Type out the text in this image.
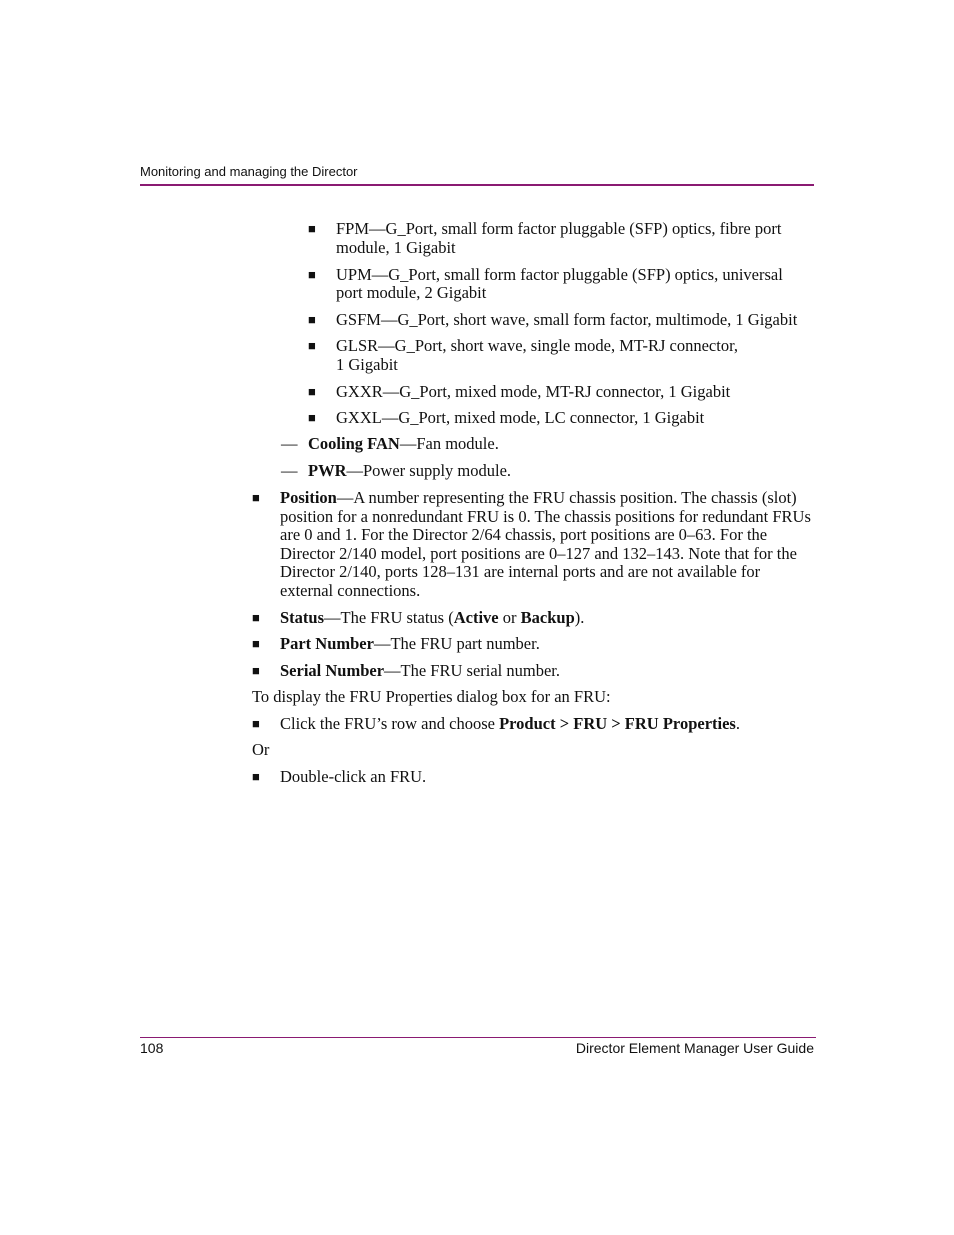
Monitoring and managing the Director
■ FPM—G_Port, small form factor pluggable (SFP) optics, fibre port
module, 1 Gigabit
■ UPM—G_Port, small form factor pluggable (SFP) optics, universal
port module, 2 Gigabit
■ GSFM—G_Port, short wave, small form factor, multimode, 1 Gigabit
■ GLSR—G_Port, short wave, single mode, MT-RJ connector,
1 Gigabit
■ GXXR—G_Port, mixed mode, MT-RJ connector, 1 Gigabit
■ GXXL—G_Port, mixed mode, LC connector, 1 Gigabit
— Cooling FAN—Fan module.
— PWR—Power supply module.
■ Position—A number representing the FRU chassis position. The chassis (slot) position for a nonredundant FRU is 0. The chassis positions for redundant FRUs are 0 and 1. For the Director 2/64 chassis, port positions are 0–63. For the Director 2/140 model, port positions are 0–127 and 132–143. Note that for the Director 2/140, ports 128–131 are internal ports and are not available for external connections.
■ Status—The FRU status (Active or Backup).
■ Part Number—The FRU part number.
■ Serial Number—The FRU serial number.
To display the FRU Properties dialog box for an FRU:
■ Click the FRU’s row and choose Product > FRU > FRU Properties.
Or
■ Double-click an FRU.
108	Director Element Manager User Guide
